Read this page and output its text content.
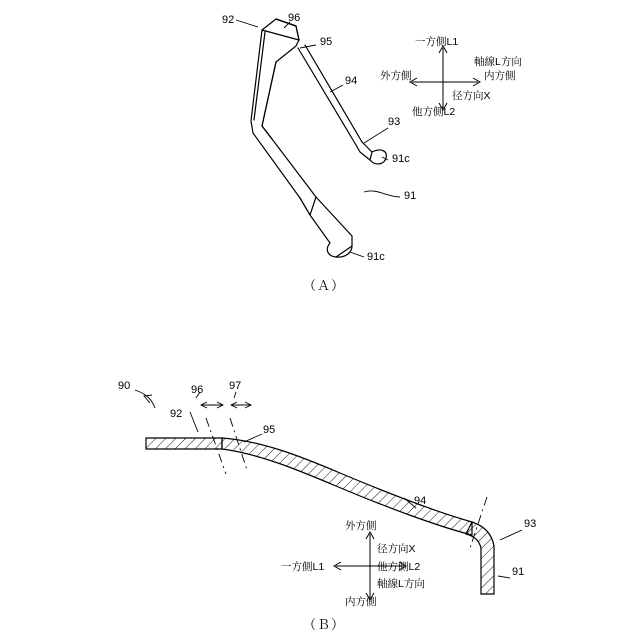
92	96
95
94
93
91c
91
91c
一方側L1
軸線L方向
外方側	内方側
径方向X
他方側L2
（Ａ）
90	96 97
92
95
94
93
91
外方側
径方向X
一方側L1	他方側L2
軸線L方向
内方側
（Ｂ）
